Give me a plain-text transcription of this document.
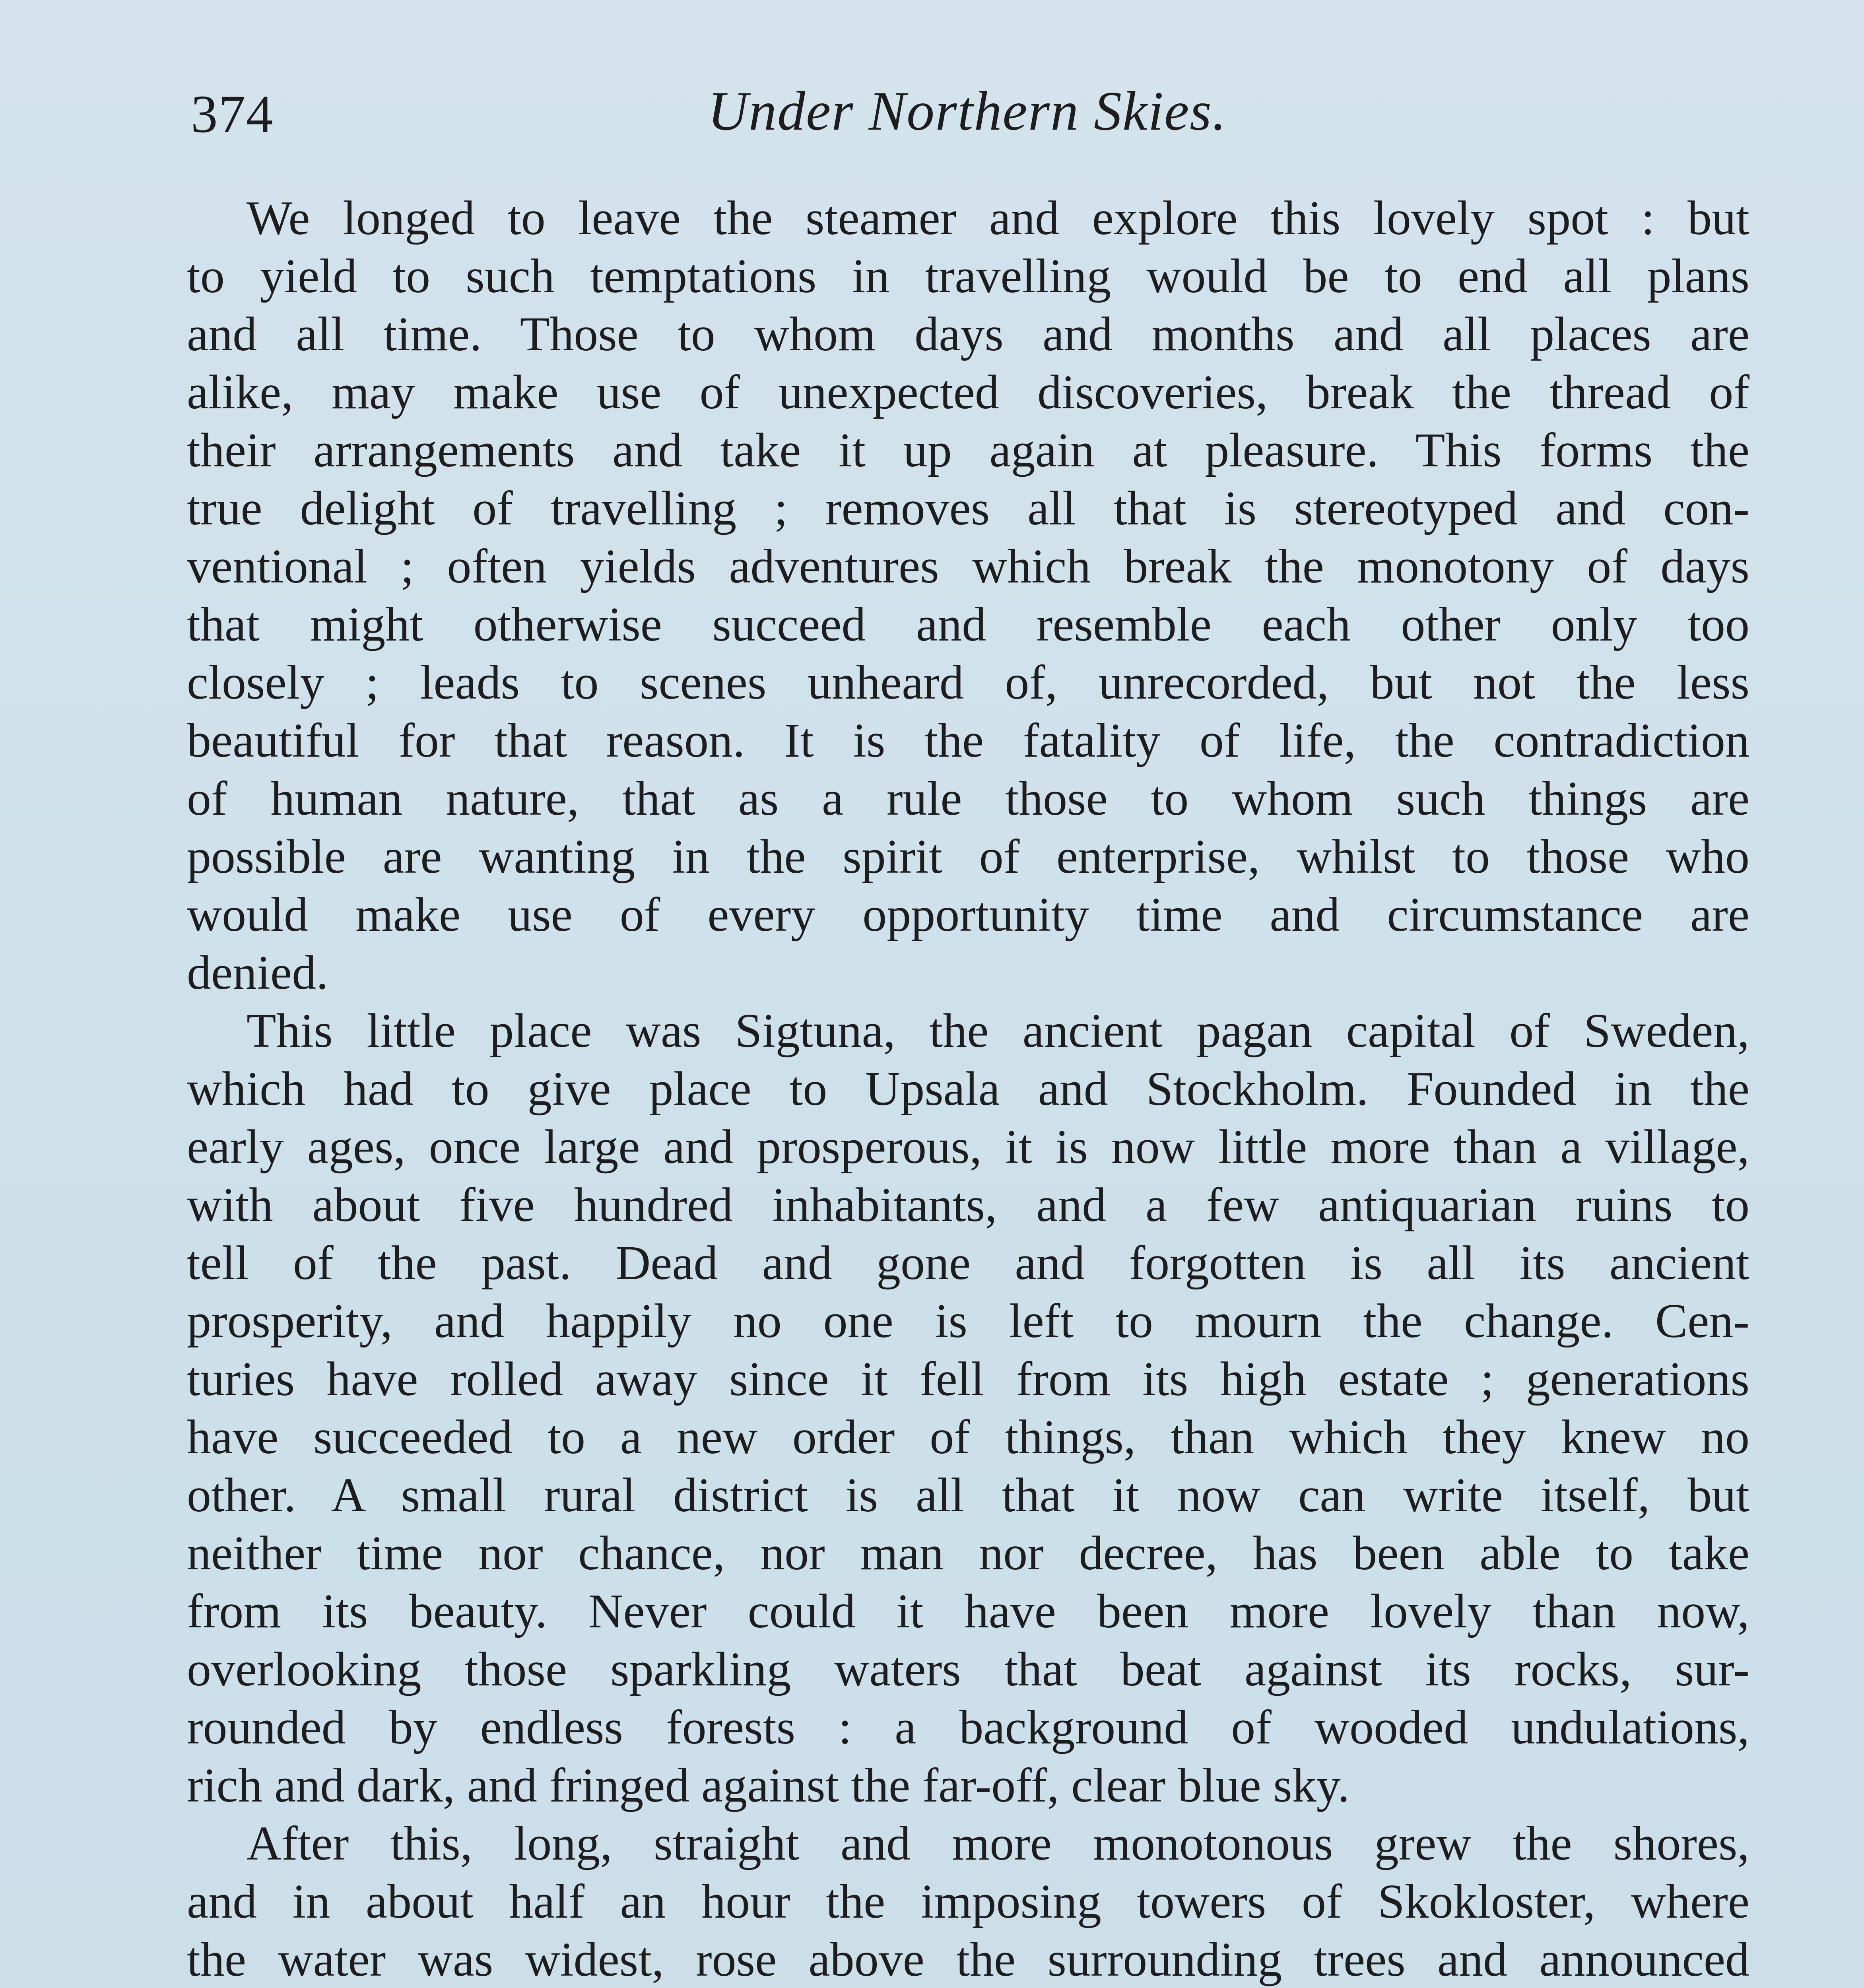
374	Under Northern Skies.
We longed to leave the steamer and explore this lovely spot : but
to yield to such temptations in travelling would be to end all plans
and all time. Those to whom days and months and all places are
alike, may make use of unexpected discoveries, break the thread of
their arrangements and take it up again at pleasure. This forms the
true delight of travelling ; removes all that is stereotyped and con-
ventional ; often yields adventures which break the monotony of days
that might otherwise succeed and resemble each other only too
closely ; leads to scenes unheard of, unrecorded, but not the less
beautiful for that reason. It is the fatality of life, the contradiction
of human nature, that as a rule those to whom such things are
possible are wanting in the spirit of enterprise, whilst to those who
would make use of every opportunity time and circumstance are
denied.
This little place was Sigtuna, the ancient pagan capital of Sweden,
which had to give place to Upsala and Stockholm. Founded in the
early ages, once large and prosperous, it is now little more than a village,
with about five hundred inhabitants, and a few antiquarian ruins to
tell of the past. Dead and gone and forgotten is all its ancient
prosperity, and happily no one is left to mourn the change. Cen-
turies have rolled away since it fell from its high estate ; generations
have succeeded to a new order of things, than which they knew no
other. A small rural district is all that it now can write itself, but
neither time nor chance, nor man nor decree, has been able to take
from its beauty. Never could it have been more lovely than now,
overlooking those sparkling waters that beat against its rocks, sur-
rounded by endless forests : a background of wooded undulations,
rich and dark, and fringed against the far-off, clear blue sky.
After this, long, straight and more monotonous grew the shores,
and in about half an hour the imposing towers of Skokloster, where
the water was widest, rose above the surrounding trees and announced
